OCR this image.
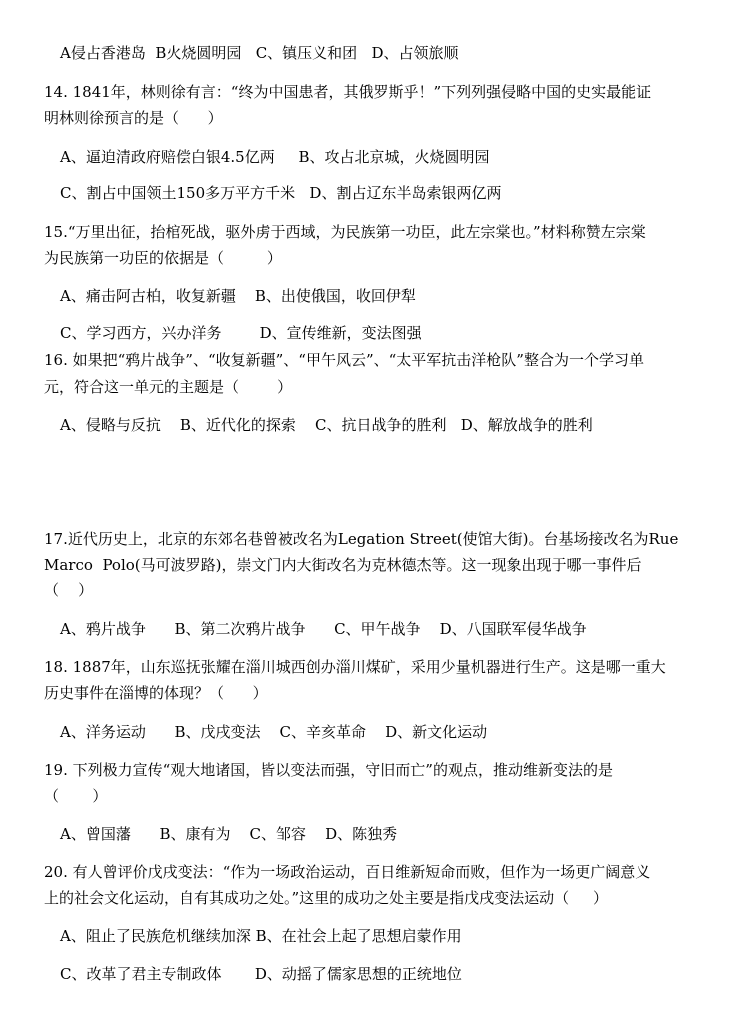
A侵占香港岛  B火烧圆明园   C、镇压义和团   D、占领旅顺
14. 1841年，林则徐有言：“终为中国患者，其俄罗斯乎！”下列列强侵略中国的史实最能证
明林则徐预言的是（      ）
A、逼迫清政府赔偿白银4.5亿两     B、攻占北京城，火烧圆明园
C、割占中国领土150多万平方千米   D、割占辽东半岛索银两亿两
15.“万里出征，抬棺死战，驱外虏于西域，为民族第一功臣，此左宗棠也。”材料称赞左宗棠
为民族第一功臣的依据是（         ）
A、痛击阿古柏，收复新疆    B、出使俄国，收回伊犁
C、学习西方，兴办洋务        D、宣传维新，变法图强
16. 如果把“鸦片战争”、“收复新疆”、“甲午风云”、“太平军抗击洋枪队”整合为一个学习单
元，符合这一单元的主题是（        ）
A、侵略与反抗    B、近代化的探索    C、抗日战争的胜利   D、解放战争的胜利
17.近代历史上，北京的东郊名巷曾被改名为Legation Street(使馆大街)。台基场接改名为Rue
Marco  Polo(马可波罗路)，崇文门内大街改名为克林德杰等。这一现象出现于哪一事件后
（    ）
A、鸦片战争      B、第二次鸦片战争      C、甲午战争    D、八国联军侵华战争
18. 1887年，山东巡抚张耀在淄川城西创办淄川煤矿，采用少量机器进行生产。这是哪一重大
历史事件在淄博的体现？（      ）
A、洋务运动      B、戊戌变法    C、辛亥革命    D、新文化运动
19. 下列极力宣传“观大地诸国，皆以变法而强，守旧而亡”的观点，推动维新变法的是
（       ）
A、曾国藩      B、康有为    C、邹容    D、陈独秀
20. 有人曾评价戊戌变法：“作为一场政治运动，百日维新短命而败，但作为一场更广阔意义
上的社会文化运动，自有其成功之处。”这里的成功之处主要是指戊戌变法运动（     ）
A、阻止了民族危机继续加深 B、在社会上起了思想启蒙作用
C、改革了君主专制政体       D、动摇了儒家思想的正统地位
